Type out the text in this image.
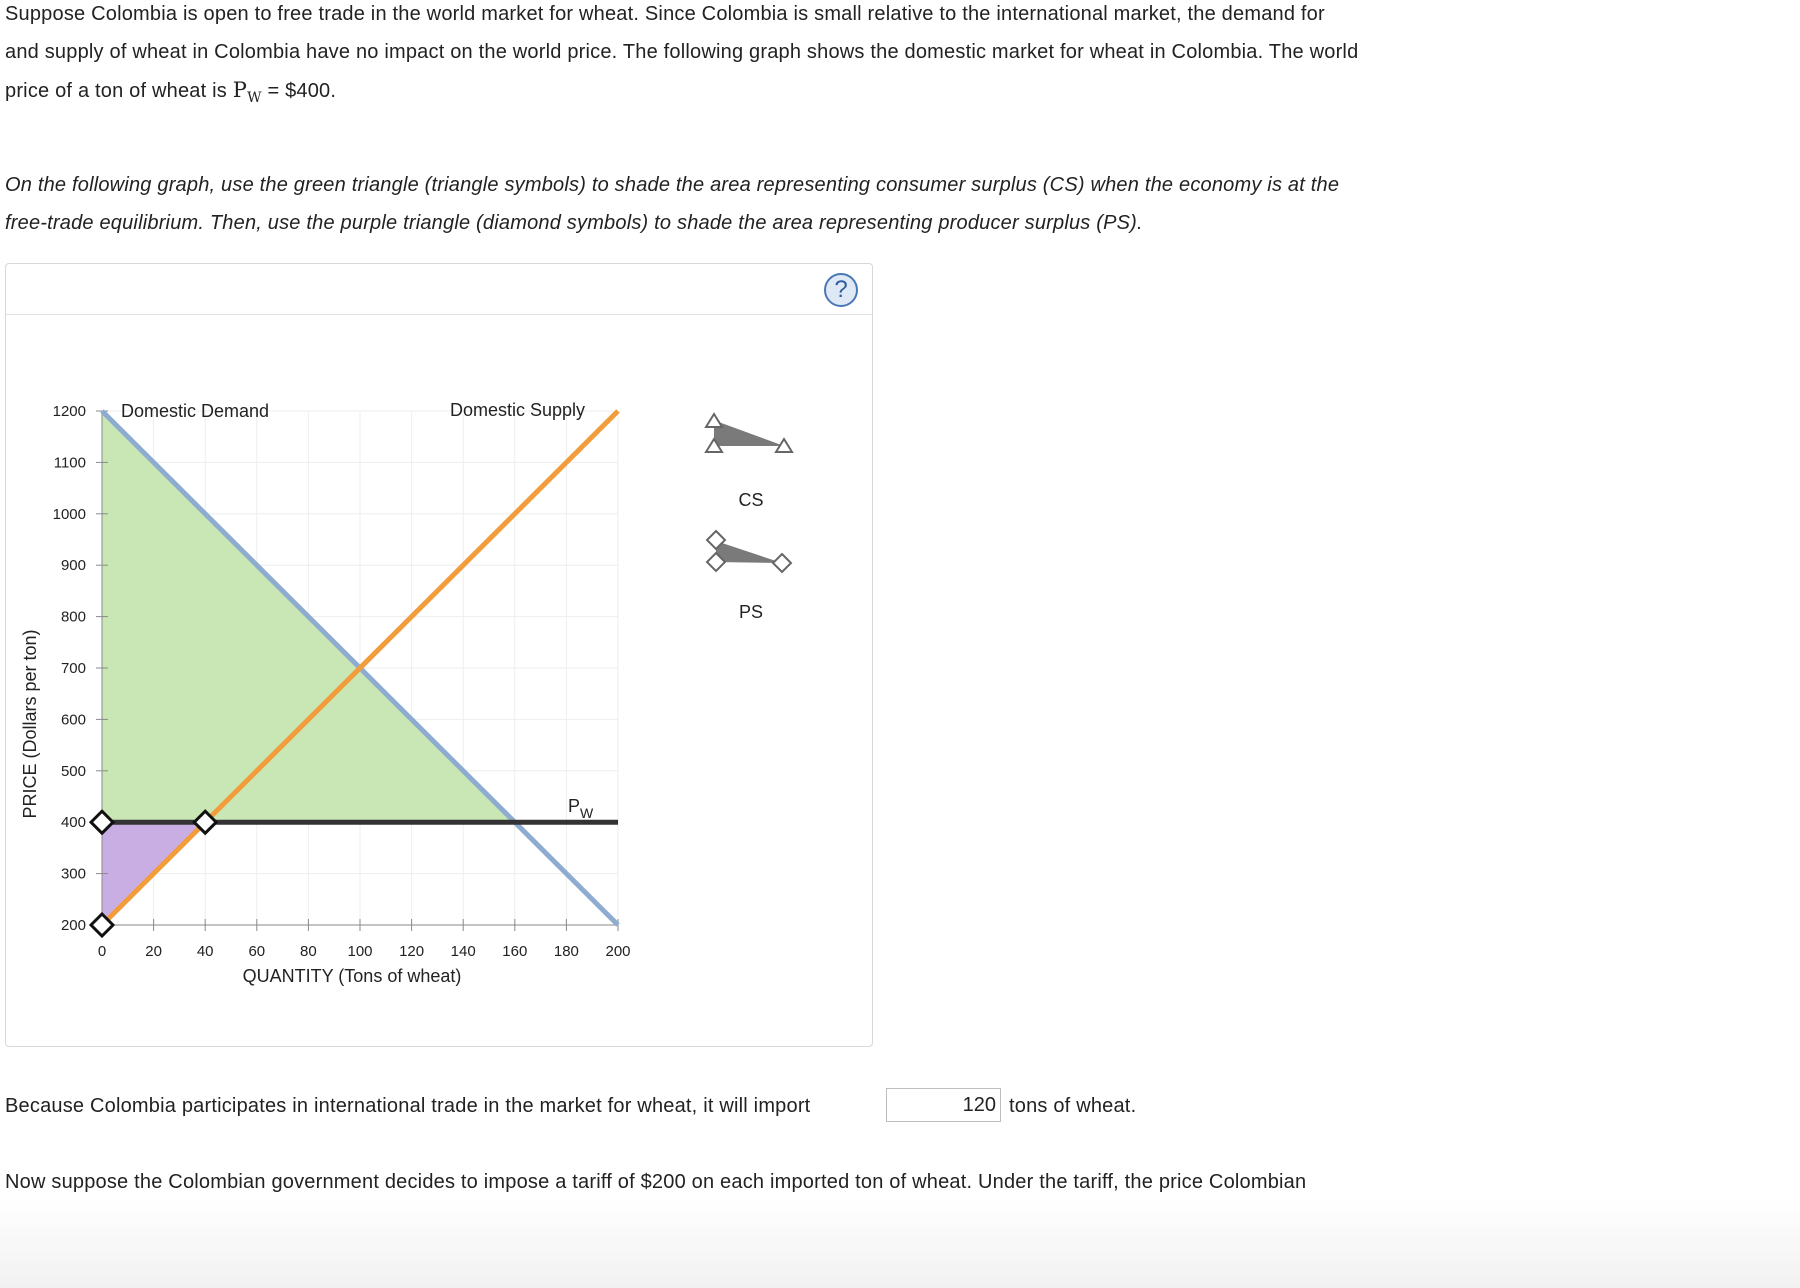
Suppose Colombia is open to free trade in the world market for wheat. Since Colombia is small relative to the international market, the demand for
and supply of wheat in Colombia have no impact on the world price. The following graph shows the domestic market for wheat in Colombia. The world
price of a ton of wheat is $P_W$ = $400.
On the following graph, use the green triangle (triangle symbols) to shade the area representing consumer surplus (CS) when the economy is at the
free-trade equilibrium. Then, use the purple triangle (diamond symbols) to shade the area representing producer surplus (PS).
?
200
300
400
500
600
700
800
900
1000
1100
1200
0	20 40 60 80 100 120 140 160 180 200
Domestic Demand	Domestic Supply
$P_W$
QUANTITY (Tons of wheat)
PRICE (Dollars per ton)
CS
PS
Because Colombia participates in international trade in the market for wheat, it will import
120	tons of wheat.
Now suppose the Colombian government decides to impose a tariff of $200 on each imported ton of wheat. Under the tariff, the price Colombian
